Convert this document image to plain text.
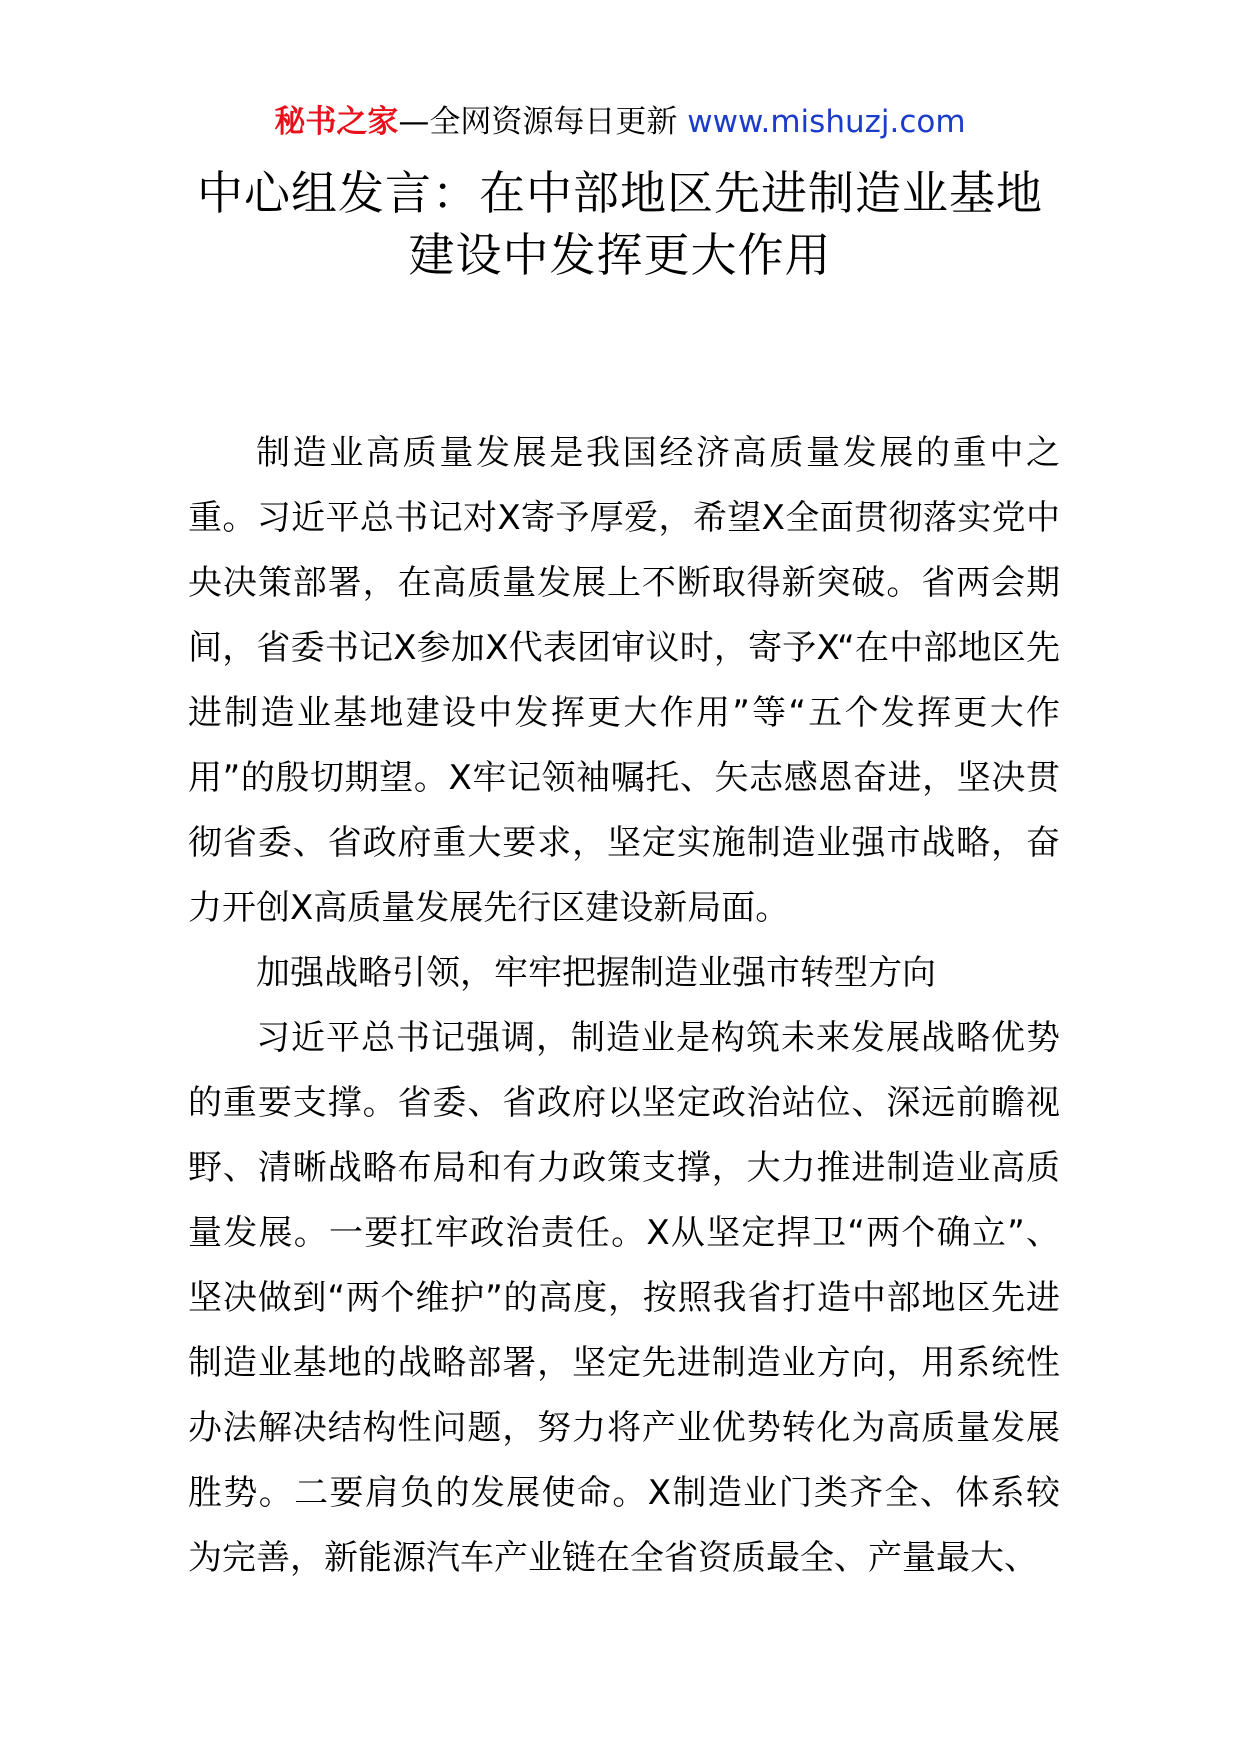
秘书之家—全网资源每日更新 www.mishuzj.com
中心组发言：在中部地区先进制造业基地建设中发挥更大作用

制造业高质量发展是我国经济高质量发展的重中之重。习近平总书记对X寄予厚爱，希望X全面贯彻落实党中央决策部署，在高质量发展上不断取得新突破。省两会期间，省委书记X参加X代表团审议时，寄予X“在中部地区先进制造业基地建设中发挥更大作用”等“五个发挥更大作用”的殷切期望。X牢记领袖嘱托、矢志感恩奋进，坚决贯彻省委、省政府重大要求，坚定实施制造业强市战略，奋力开创X高质量发展先行区建设新局面。

加强战略引领，牢牢把握制造业强市转型方向

习近平总书记强调，制造业是构筑未来发展战略优势的重要支撑。省委、省政府以坚定政治站位、深远前瞻视野、清晰战略布局和有力政策支撑，大力推进制造业高质量发展。一要扛牢政治责任。X从坚定捍卫“两个确立”、坚决做到“两个维护”的高度，按照我省打造中部地区先进制造业基地的战略部署，坚定先进制造业方向，用系统性办法解决结构性问题，努力将产业优势转化为高质量发展胜势。二要肩负的发展使命。X制造业门类齐全、体系较为完善，新能源汽车产业链在全省资质最全、产量最大、
